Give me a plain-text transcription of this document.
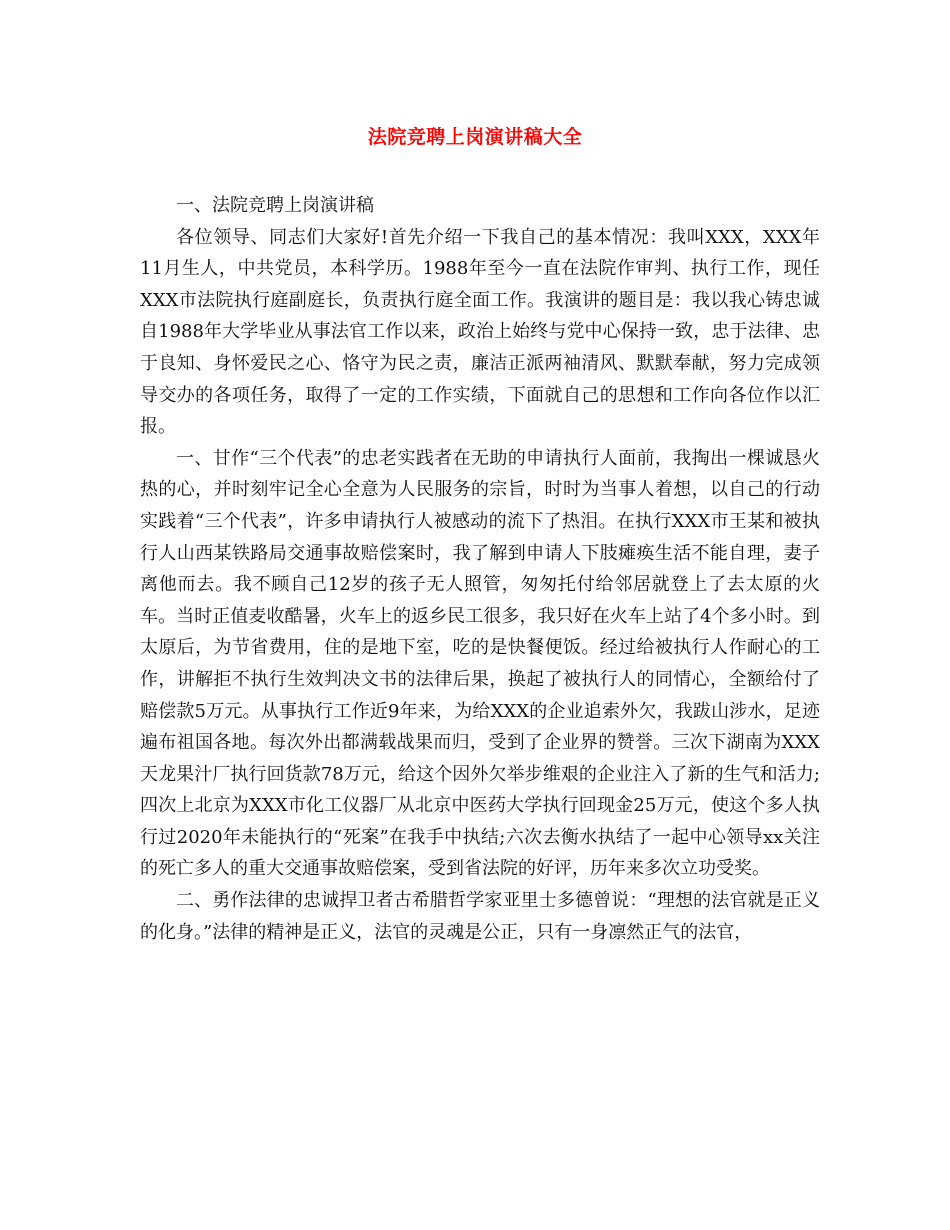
法院竞聘上岗演讲稿大全

一、法院竞聘上岗演讲稿

各位领导、同志们大家好!首先介绍一下我自己的基本情况：我叫XXX，XXX年11月生人，中共党员，本科学历。1988年至今一直在法院作审判、执行工作，现任XXX市法院执行庭副庭长，负责执行庭全面工作。我演讲的题目是：我以我心铸忠诚自1988年大学毕业从事法官工作以来，政治上始终与党中心保持一致，忠于法律、忠于良知、身怀爱民之心、恪守为民之责，廉洁正派两袖清风、默默奉献，努力完成领导交办的各项任务，取得了一定的工作实绩，下面就自己的思想和工作向各位作以汇报。

一、甘作“三个代表”的忠老实践者在无助的申请执行人面前，我掏出一棵诚恳火热的心，并时刻牢记全心全意为人民服务的宗旨，时时为当事人着想，以自己的行动实践着“三个代表”，许多申请执行人被感动的流下了热泪。在执行XXX市王某和被执行人山西某铁路局交通事故赔偿案时，我了解到申请人下肢瘫痪生活不能自理，妻子离他而去。我不顾自己12岁的孩子无人照管，匆匆托付给邻居就登上了去太原的火车。当时正值麦收酷暑，火车上的返乡民工很多，我只好在火车上站了4个多小时。到太原后，为节省费用，住的是地下室，吃的是快餐便饭。经过给被执行人作耐心的工作，讲解拒不执行生效判决文书的法律后果，换起了被执行人的同情心，全额给付了赔偿款5万元。从事执行工作近9年来，为给XXX的企业追索外欠，我跋山涉水，足迹遍布祖国各地。每次外出都满载战果而归，受到了企业界的赞誉。三次下湖南为XXX天龙果汁厂执行回货款78万元，给这个因外欠举步维艰的企业注入了新的生气和活力;四次上北京为XXX市化工仪器厂从北京中医药大学执行回现金25万元，使这个多人执行过2020年未能执行的“死案”在我手中执结;六次去衡水执结了一起中心领导xx关注的死亡多人的重大交通事故赔偿案，受到省法院的好评，历年来多次立功受奖。

二、勇作法律的忠诚捍卫者古希腊哲学家亚里士多德曾说：“理想的法官就是正义的化身。”法律的精神是正义，法官的灵魂是公正，只有一身凛然正气的法官，
